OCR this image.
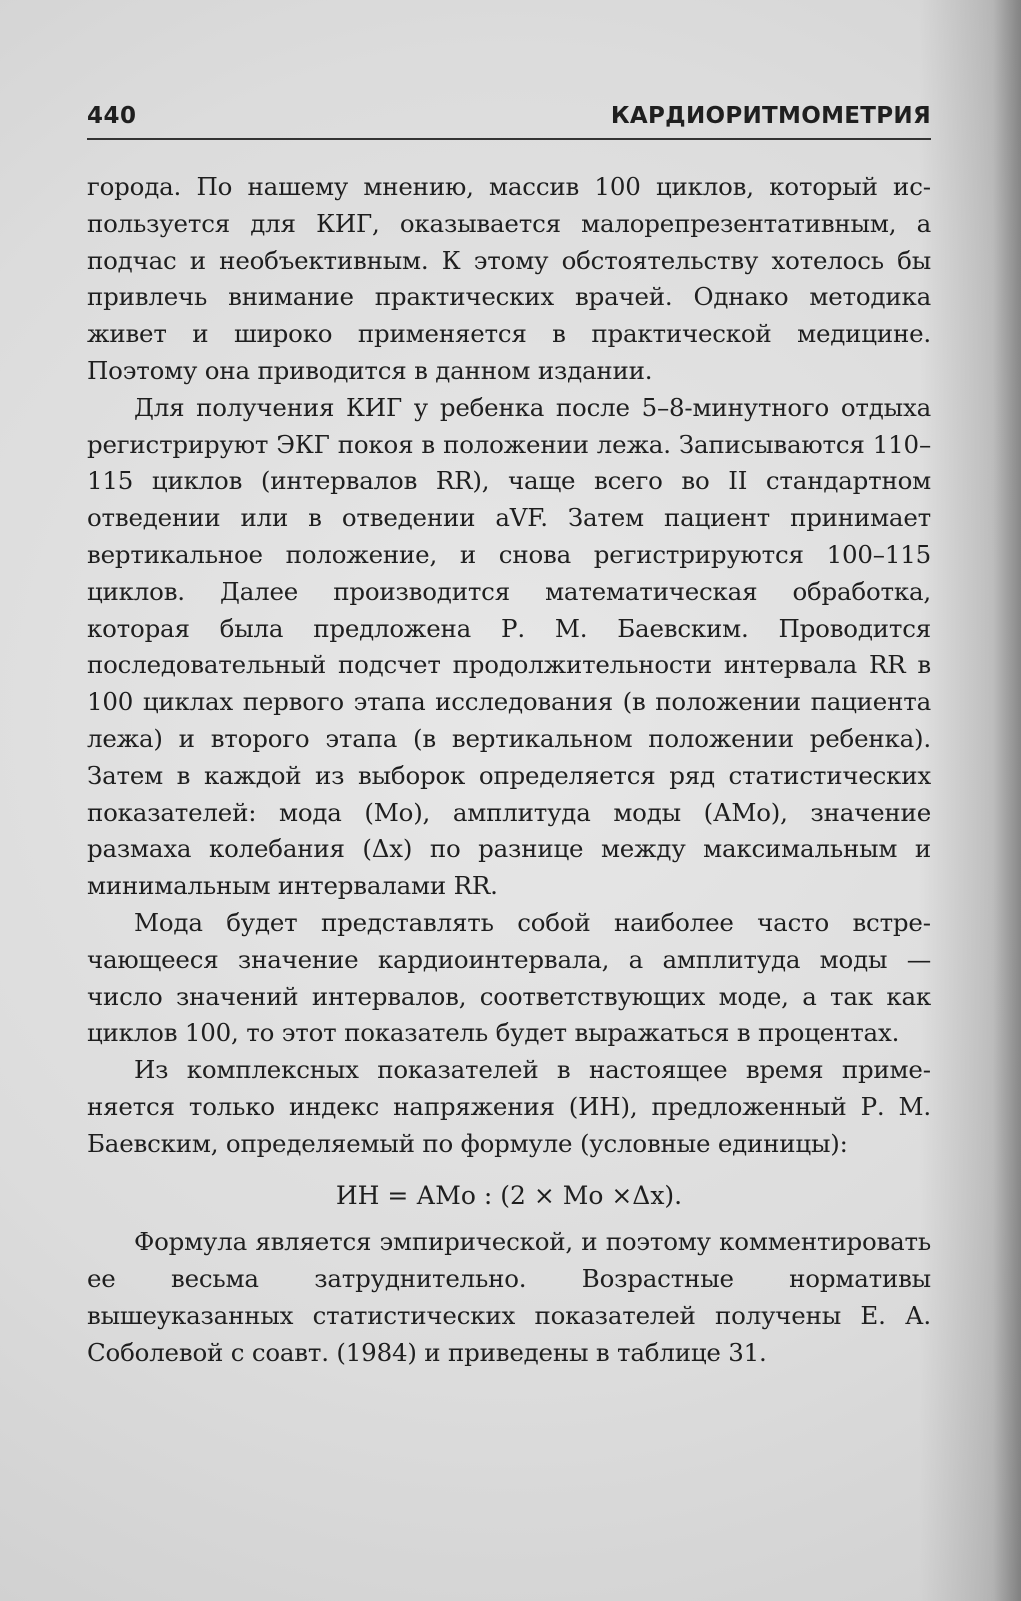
440	КАРДИОРИТМОМЕТРИЯ

города. По нашему мнению, массив 100 циклов, который используется для КИГ, оказывается малорепрезентативным, а подчас и необъективным. К этому обстоятельству хотелось бы привлечь внимание практических врачей. Однако методика живет и широко применяется в практической медицине. Поэтому она приводится в данном издании.

Для получения КИГ у ребенка после 5–8-минутного отдыха регистрируют ЭКГ покоя в положении лежа. Записываются 110–115 циклов (интервалов RR), чаще всего во II стандартном отведении или в отведении aVF. Затем пациент принимает вертикальное положение, и снова регистрируются 100–115 циклов. Далее производится математическая обработка, которая была предложена Р. М. Баевским. Проводится последовательный подсчет продолжительности интервала RR в 100 циклах первого этапа исследования (в положении пациента лежа) и второго этапа (в вертикальном положении ребенка). Затем в каждой из выборок определяется ряд статистических показателей: мода (Мо), амплитуда моды (АМо), значение размаха колебания (Δх) по разнице между максимальным и минимальным интервалами RR.

Мода будет представлять собой наиболее часто встречающееся значение кардиоинтервала, а амплитуда моды — число значений интервалов, соответствующих моде, а так как циклов 100, то этот показатель будет выражаться в процентах.

Из комплексных показателей в настоящее время применяется только индекс напряжения (ИН), предложенный Р. М. Баевским, определяемый по формуле (условные единицы):

ИН = АМо : (2 × Мо ×Δх).

Формула является эмпирической, и поэтому комментировать ее весьма затруднительно. Возрастные нормативы вышеуказанных статистических показателей получены Е. А. Соболевой с соавт. (1984) и приведены в таблице 31.
